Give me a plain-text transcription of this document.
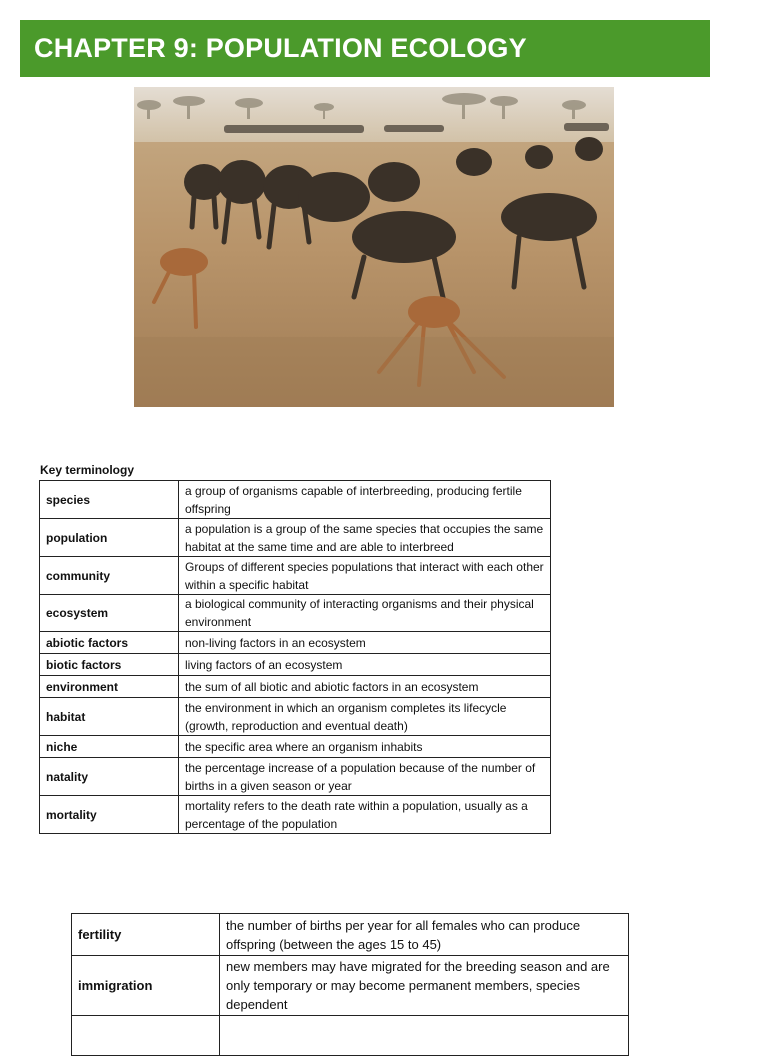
CHAPTER 9: POPULATION ECOLOGY
Key terminology
species	a group of organisms capable of interbreeding, producing fertile offspring
population	a population is a group of the same species that occupies the same habitat at the same time and are able to interbreed
community	Groups of different species populations that interact with each other within a specific habitat
ecosystem	a biological community of interacting organisms and their physical environment
abiotic factors	non-living factors in an ecosystem
biotic factors	living factors of an ecosystem
environment	the sum of all biotic and abiotic factors in an ecosystem
habitat	the environment in which an organism completes its lifecycle (growth, reproduction and eventual death)
niche	the specific area where an organism inhabits
natality	the percentage increase of a population because of the number of births in a given season or year
mortality	mortality refers to the death rate within a population, usually as a percentage of the population
fertility	the number of births per year for all females who can produce offspring (between the ages 15 to 45)
immigration	new members may have migrated for the breeding season and are only temporary or may become permanent members, species dependent
